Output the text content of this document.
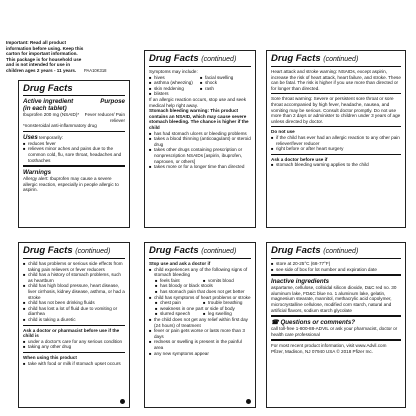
Important: Read all product
information before using. Keep this
carton for important information.
This package is for household use
and is not intended for use in
children ages 2 years - 11 years.	PAA10K318
Drug Facts
Active ingredient	Purpose
(in each tablet)
Ibuprofen 200 mg (NSAID)*	Fever reducer/ Pain reliever
*nonsteroidal anti-inflammatory drug
Uses temporarily:
■ reduces fever
■ relieves minor aches and pains due to the common cold, flu, sore throat, headaches and toothaches
Warnings
Allergy alert: Ibuprofen may cause a severe allergic reaction, especially in people allergic to aspirin.
Drug Facts (continued)
Symptoms may include:
■ hives	■ facial swelling
■ asthma (wheezing)	■ shock
■ skin reddening	■ rash
■ blisters
If an allergic reaction occurs, stop use and seek medical help right away.
Stomach bleeding warning: This product contains an NSAID, which may cause severe stomach bleeding. The chance is higher if the child
■ has had stomach ulcers or bleeding problems
■ takes a blood thinning (anticoagulant) or steroid drug
■ takes other drugs containing prescription or nonprescription NSAIDs [aspirin, ibuprofen, naproxen, or others]
■ takes more or for a longer time than directed
Drug Facts (continued)
Heart attack and stroke warning: NSAIDs, except aspirin, increase the risk of heart attack, heart failure, and stroke. These can be fatal. The risk is higher if you use more than directed or for longer than directed.
Sore throat warning: Severe or persistent sore throat or sore throat accompanied by high fever, headache, nausea, and vomiting may be serious. Consult doctor promptly. Do not use more than 2 days or administer to children under 3 years of age unless directed by doctor.
Do not use
■ if the child has ever had an allergic reaction to any other pain reliever/fever reducer
■ right before or after heart surgery
Ask a doctor before use if
■ stomach bleeding warning applies to the child
Drug Facts (continued)
■ child has problems or serious side effects from taking pain relievers or fever reducers
■ child has a history of stomach problems, such as heartburn
■ child has high blood pressure, heart disease, liver cirrhosis, kidney disease, asthma, or had a stroke
■ child has not been drinking fluids
■ child has lost a lot of fluid due to vomiting or diarrhea
■ child is taking a diuretic
Ask a doctor or pharmacist before use if the child is
■ under a doctor's care for any serious condition
■ taking any other drug
When using this product
■ take with food or milk if stomach upset occurs
Drug Facts (continued)
Stop use and ask a doctor if
■ child experiences any of the following signs of stomach bleeding
■ feels faint	■ vomits blood
■ has bloody or black stools
■ has stomach pain that does not get better
■ child has symptoms of heart problems or stroke
■ chest pain	■ trouble breathing
■ weakness in one part or side of body
■ slurred speech	■ leg swelling
■ the child does not get any relief within first day (24 hours) of treatment
■ fever or pain gets worse or lasts more than 3 days
■ redness or swelling is present in the painful area
■ any new symptoms appear
Drug Facts (continued)
■ store at 20-25°C (68-77°F)
■ see side of box for lot number and expiration date
Inactive ingredients
aspartame, cellulose, colloidal silicon dioxide, D&C red no. 30 aluminum lake, FD&C blue no. 1 aluminum lake, gelatin, magnesium stearate, mannitol, methacrylic acid copolymer, microcrystalline cellulose, modified corn starch, natural and artificial flavors, sodium starch glycolate
☎ Questions or comments?
call toll-free 1-800-88-ADVIL or ask your pharmacist, doctor or health care professional
For most recent product information, visit www.Advil.com
Pfizer, Madison, NJ 07940 USA © 2018 Pfizer Inc.
